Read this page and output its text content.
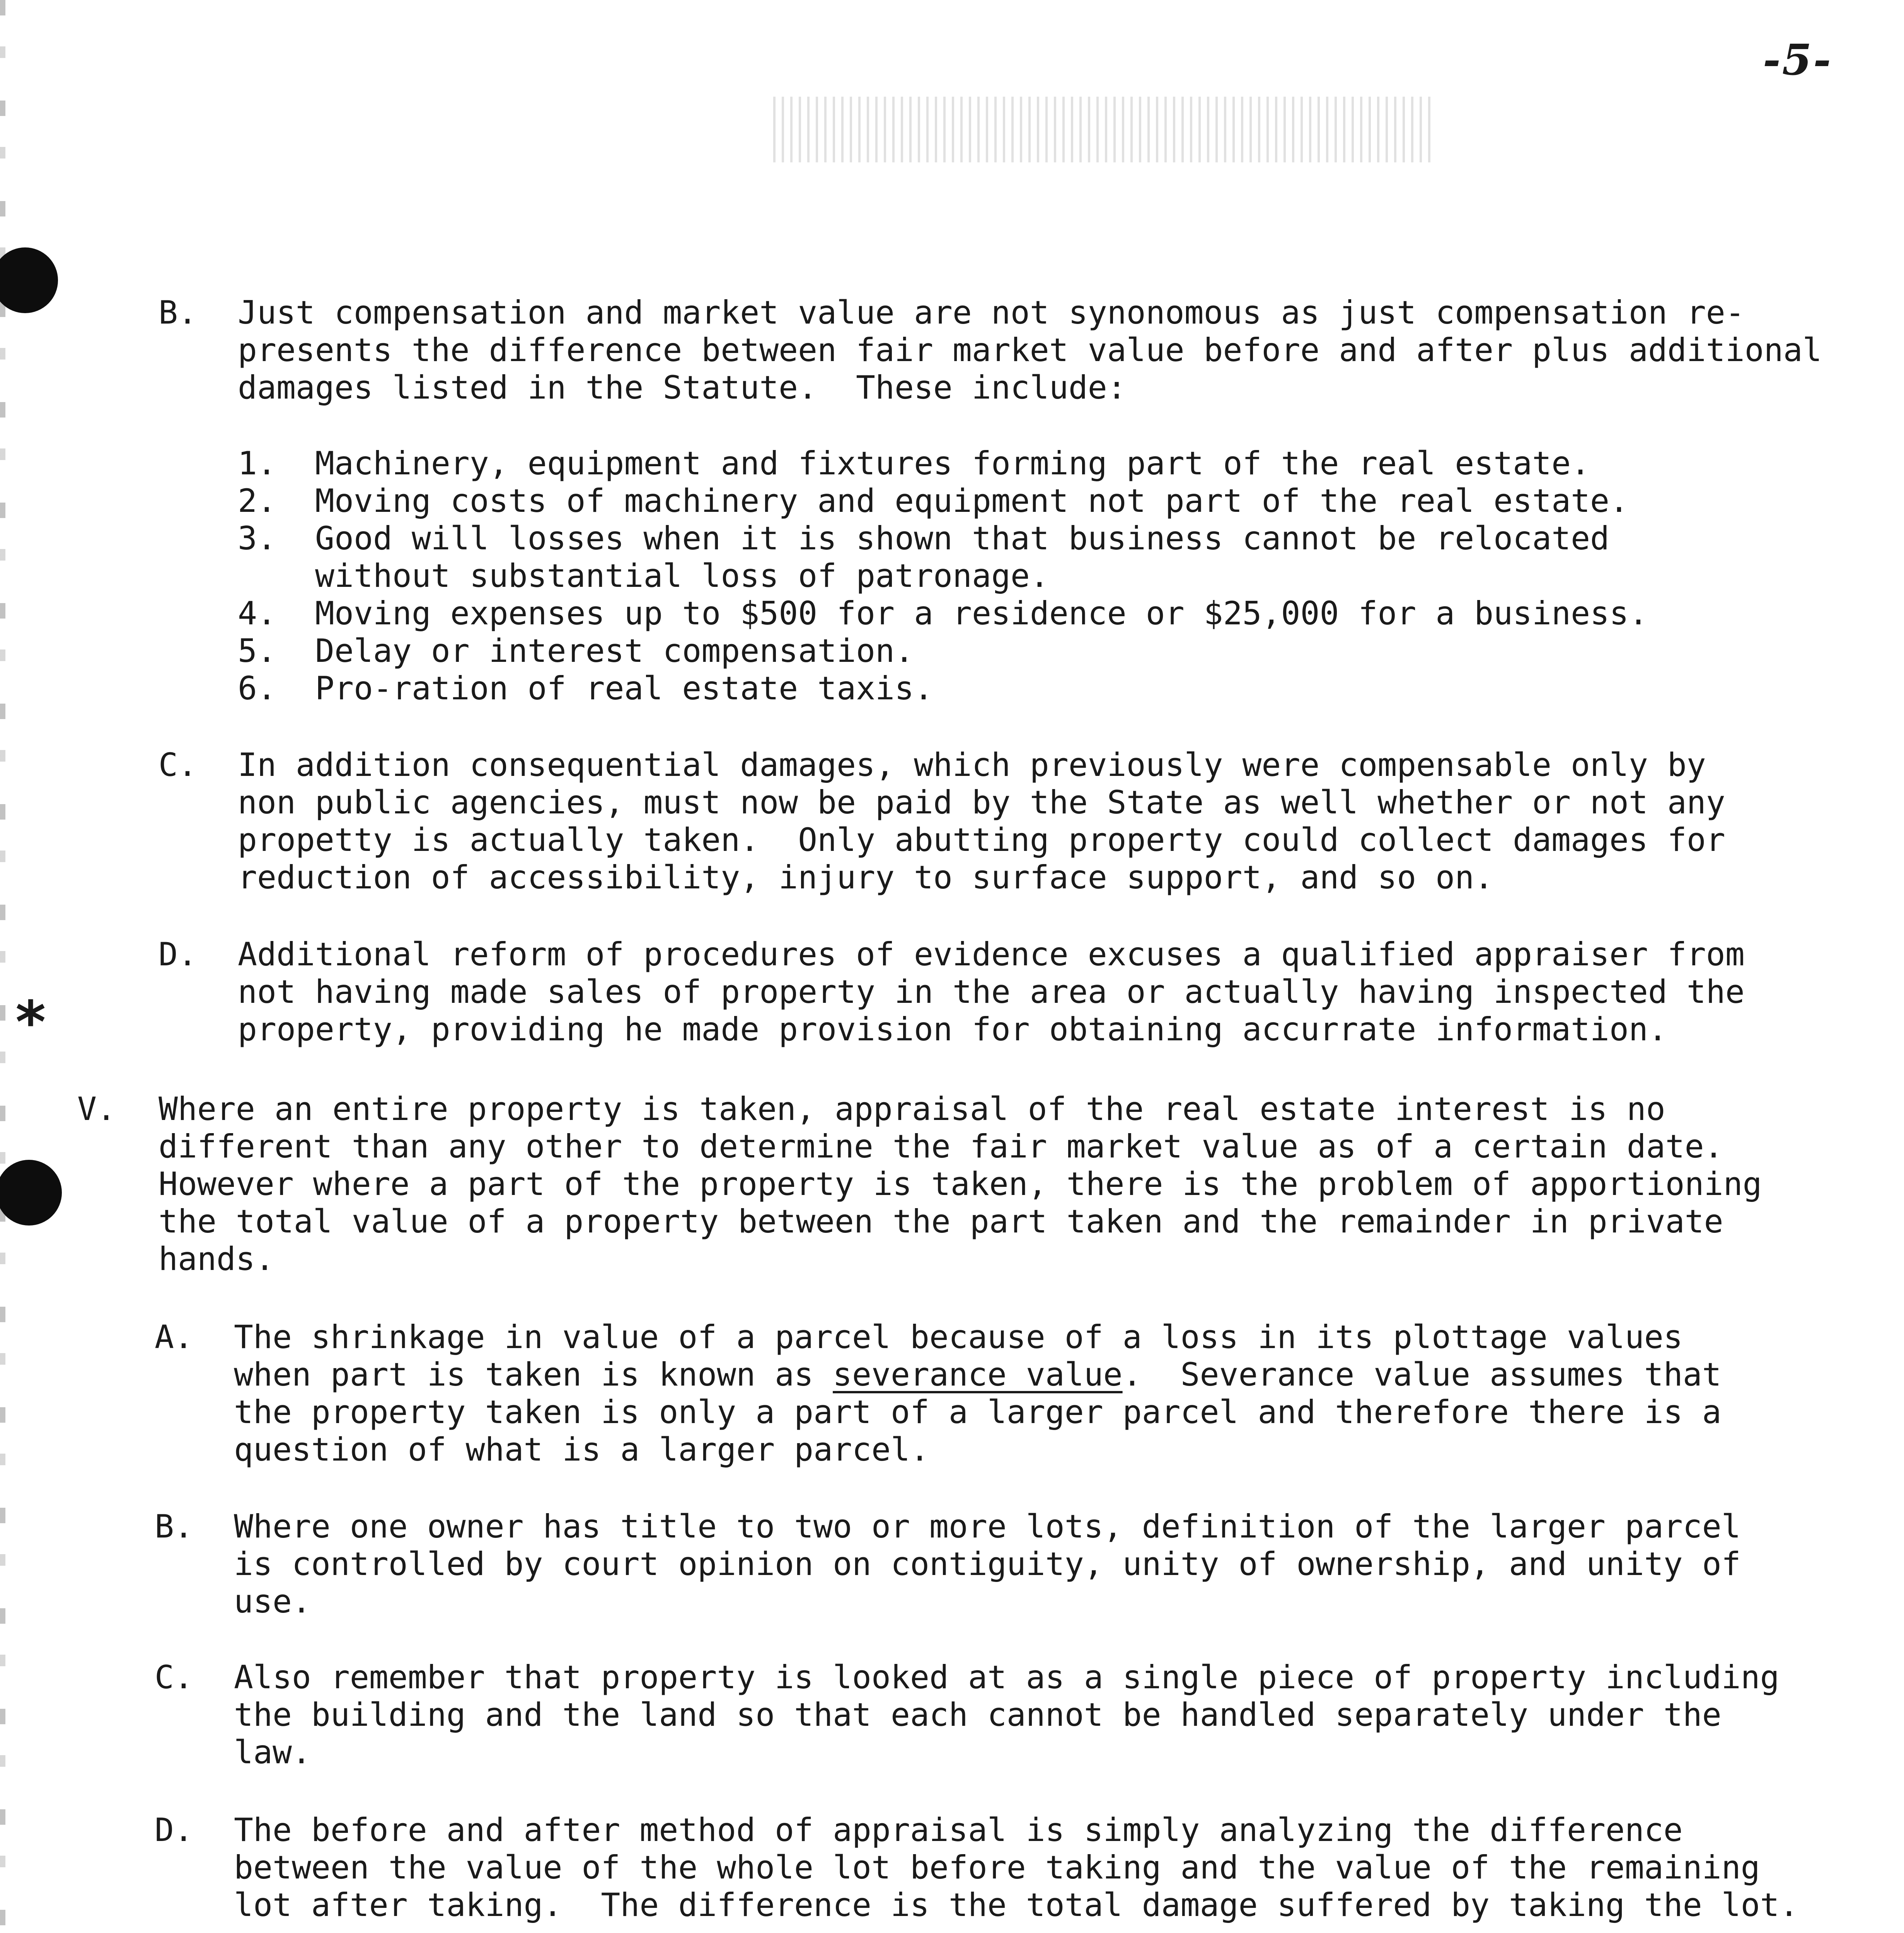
-5-
B. Just compensation and market value are not synonomous as just compensation re-
presents the difference between fair market value before and after plus additional
damages listed in the Statute.  These include:
1. Machinery, equipment and fixtures forming part of the real estate.
2. Moving costs of machinery and equipment not part of the real estate.
3. Good will losses when it is shown that business cannot be relocated
without substantial loss of patronage.
4. Moving expenses up to $500 for a residence or $25,000 for a business.
5. Delay or interest compensation.
6. Pro-ration of real estate taxis.
C. In addition consequential damages, which previously were compensable only by
non public agencies, must now be paid by the State as well whether or not any
propetty is actually taken.  Only abutting property could collect damages for
reduction of accessibility, injury to surface support, and so on.
D. Additional reform of procedures of evidence excuses a qualified appraiser from
not having made sales of property in the area or actually having inspected the
property, providing he made provision for obtaining accurrate information.
*
V. Where an entire property is taken, appraisal of the real estate interest is no
different than any other to determine the fair market value as of a certain date.
However where a part of the property is taken, there is the problem of apportioning
the total value of a property between the part taken and the remainder in private
hands.
A. The shrinkage in value of a parcel because of a loss in its plottage values
when part is taken is known as severance value.  Severance value assumes that
the property taken is only a part of a larger parcel and therefore there is a
question of what is a larger parcel.
B. Where one owner has title to two or more lots, definition of the larger parcel
is controlled by court opinion on contiguity, unity of ownership, and unity of
use.
C. Also remember that property is looked at as a single piece of property including
the building and the land so that each cannot be handled separately under the
law.
D. The before and after method of appraisal is simply analyzing the difference
between the value of the whole lot before taking and the value of the remaining
lot after taking.  The difference is the total damage suffered by taking the lot.
